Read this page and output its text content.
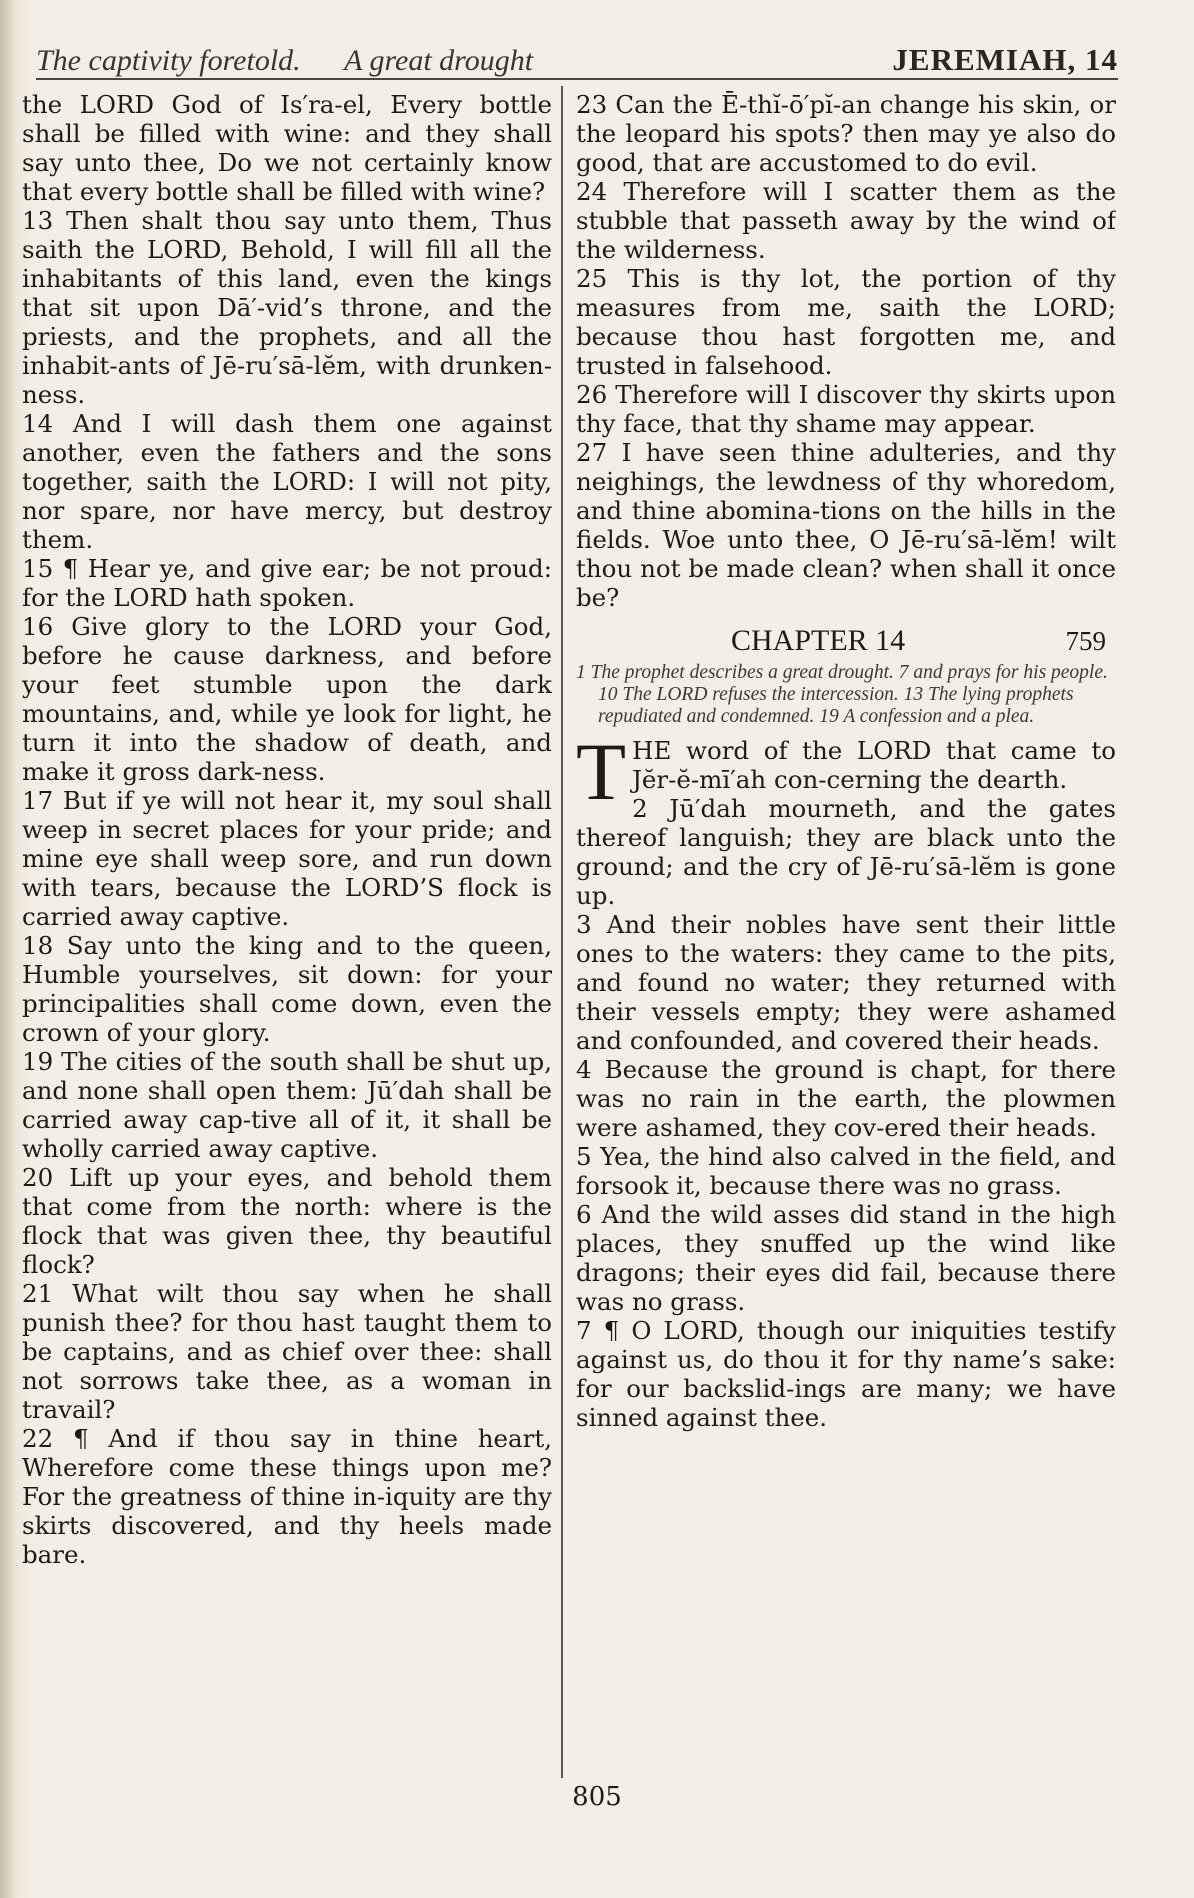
The captivity foretold. A great drought	JEREMIAH, 14

the LORD God of Is′ra-el, Every bottle shall be filled with wine: and they shall say unto thee, Do we not certainly know that every bottle shall be filled with wine?

13 Then shalt thou say unto them, Thus saith the LORD, Behold, I will fill all the inhabitants of this land, even the kings that sit upon Dā′-vid’s throne, and the priests, and the prophets, and all the inhabit-ants of Jē-ru′sā-lĕm, with drunken-ness.

14 And I will dash them one against another, even the fathers and the sons together, saith the LORD: I will not pity, nor spare, nor have mercy, but destroy them.

15 ¶ Hear ye, and give ear; be not proud: for the LORD hath spoken.

16 Give glory to the LORD your God, before he cause darkness, and before your feet stumble upon the dark mountains, and, while ye look for light, he turn it into the shadow of death, and make it gross dark-ness.

17 But if ye will not hear it, my soul shall weep in secret places for your pride; and mine eye shall weep sore, and run down with tears, because the LORD’S flock is carried away captive.

18 Say unto the king and to the queen, Humble yourselves, sit down: for your principalities shall come down, even the crown of your glory.

19 The cities of the south shall be shut up, and none shall open them: Jū′dah shall be carried away cap-tive all of it, it shall be wholly carried away captive.

20 Lift up your eyes, and behold them that come from the north: where is the flock that was given thee, thy beautiful flock?

21 What wilt thou say when he shall punish thee? for thou hast taught them to be captains, and as chief over thee: shall not sorrows take thee, as a woman in travail?

22 ¶ And if thou say in thine heart, Wherefore come these things upon me? For the greatness of thine in-iquity are thy skirts discovered, and thy heels made bare.

23 Can the Ē-thĭ-ō′pĭ-an change his skin, or the leopard his spots? then may ye also do good, that are accustomed to do evil.

24 Therefore will I scatter them as the stubble that passeth away by the wind of the wilderness.

25 This is thy lot, the portion of thy measures from me, saith the LORD; because thou hast forgotten me, and trusted in falsehood.

26 Therefore will I discover thy skirts upon thy face, that thy shame may appear.

27 I have seen thine adulteries, and thy neighings, the lewdness of thy whoredom, and thine abomina-tions on the hills in the fields. Woe unto thee, O Jē-ru′sā-lĕm! wilt thou not be made clean? when shall it once be?

CHAPTER 14	759

1 The prophet describes a great drought. 7 and prays for his people. 10 The LORD refuses the intercession. 13 The lying prophets repudiated and condemned. 19 A confession and a plea.

T HE word of the LORD that came to Jĕr-ĕ-mī′ah con-cerning the dearth.

2 Jū′dah mourneth, and the gates thereof languish; they are black unto the ground; and the cry of Jē-ru′sā-lĕm is gone up.

3 And their nobles have sent their little ones to the waters: they came to the pits, and found no water; they returned with their vessels empty; they were ashamed and confounded, and covered their heads.

4 Because the ground is chapt, for there was no rain in the earth, the plowmen were ashamed, they cov-ered their heads.

5 Yea, the hind also calved in the field, and forsook it, because there was no grass.

6 And the wild asses did stand in the high places, they snuffed up the wind like dragons; their eyes did fail, because there was no grass.

7 ¶ O LORD, though our iniquities testify against us, do thou it for thy name’s sake: for our backslid-ings are many; we have sinned against thee.

805
